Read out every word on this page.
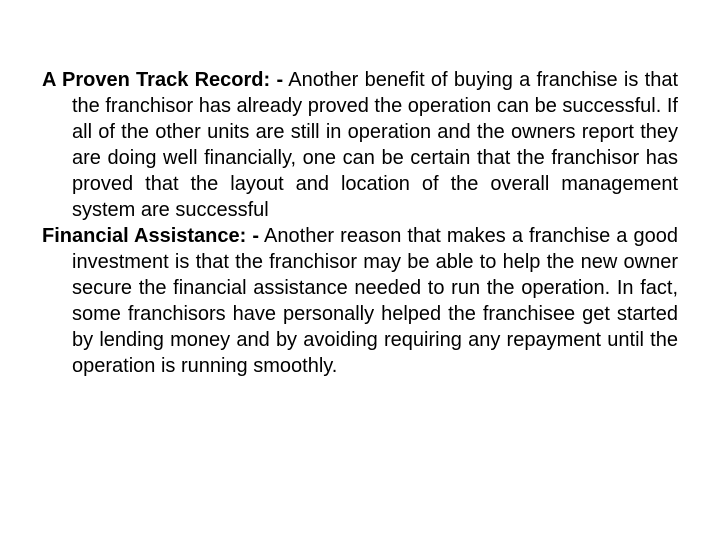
A Proven Track Record: - Another benefit of buying a franchise is that the franchisor has already proved the operation can be successful. If all of the other units are still in operation and the owners report they are doing well financially, one can be certain that the franchisor has proved that the layout and location of the overall management system are successful

Financial Assistance: - Another reason that makes a franchise a good investment is that the franchisor may be able to help the new owner secure the financial assistance needed to run the operation. In fact, some franchisors have personally helped the franchisee get started by lending money and by avoiding requiring any repayment until the operation is running smoothly.
